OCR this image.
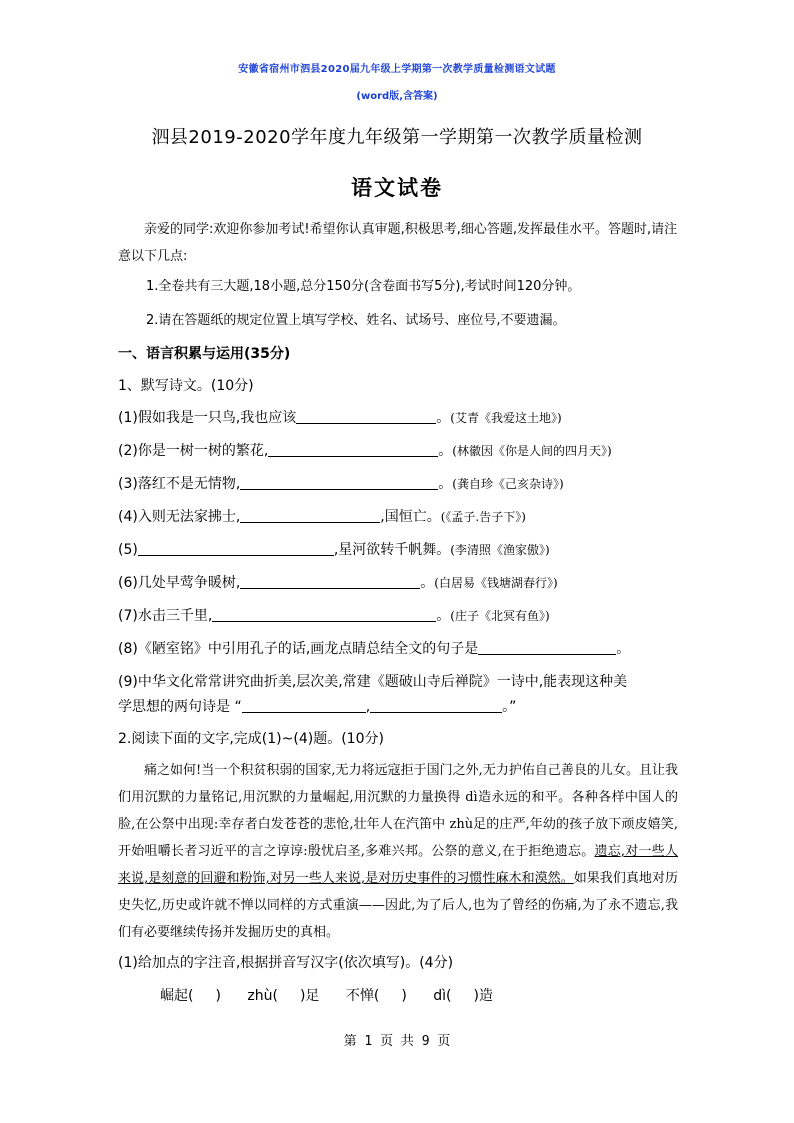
安徽省宿州市泗县2020届九年级上学期第一次教学质量检测语文试题
(word版,含答案)
泗县2019-2020学年度九年级第一学期第一次教学质量检测
语文试卷
亲爱的同学:欢迎你参加考试!希望你认真审题,积极思考,细心答题,发挥最佳水平。答题时,请注意以下几点:
1.全卷共有三大题,18小题,总分150分(含卷面书写5分),考试时间120分钟。
2.请在答题纸的规定位置上填写学校、姓名、试场号、座位号,不要遗漏。
一、语言积累与运用(35分)
1、默写诗文。(10分)
(1)假如我是一只鸟,我也应该	。(艾青《我爱这土地》)
(2)你是一树一树的繁花,	。(林徽因《你是人间的四月天》)
(3)落红不是无情物,	。(龚自珍《己亥杂诗》)
(4)入则无法家拂士,	,国恒亡。(《孟子.告子下》)
(5)	,星河欲转千帆舞。(李清照《渔家傲》)
(6)几处早莺争暖树,	。(白居易《钱塘湖春行》)
(7)水击三千里,	。(庄子《北冥有鱼》)
(8)《陋室铭》中引用孔子的话,画龙点睛总结全文的句子是	。
(9)中华文化常常讲究曲折美,层次美,常建《题破山寺后禅院》一诗中,能表现这种美
学思想的两句诗是 “	,	。”
2.阅读下面的文字,完成(1)~(4)题。(10分)
痛之如何!当一个积贫积弱的国家,无力将远寇拒于国门之外,无力护佑自己善良的儿女。且让我们用沉默的力量铭记,用沉默的力量崛起,用沉默的力量换得 dì造永远的和平。各种各样中国人的脸,在公祭中出现:幸存者白发苍苍的悲怆,壮年人在汽笛中 zhù足的庄严,年幼的孩子放下顽皮嬉笑,开始咀嚼长者习近平的言之谆谆:殷忧启圣,多难兴邦。公祭的意义,在于拒绝遗忘。遗忘,对一些人来说,是刻意的回避和粉饰,对另一些人来说,是对历史事件的习惯性麻木和漠然。如果我们真地对历史失忆,历史或许就不惮以同样的方式重演——因此,为了后人,也为了曾经的伤痛,为了永不遗忘,我们有必要继续传扬并发掘历史的真相。
(1)给加点的字注音,根据拼音写汉字(依次填写)。(4分)
崛起( ) zhù( )足 不惮( ) dì( )造
第 1 页 共 9 页
